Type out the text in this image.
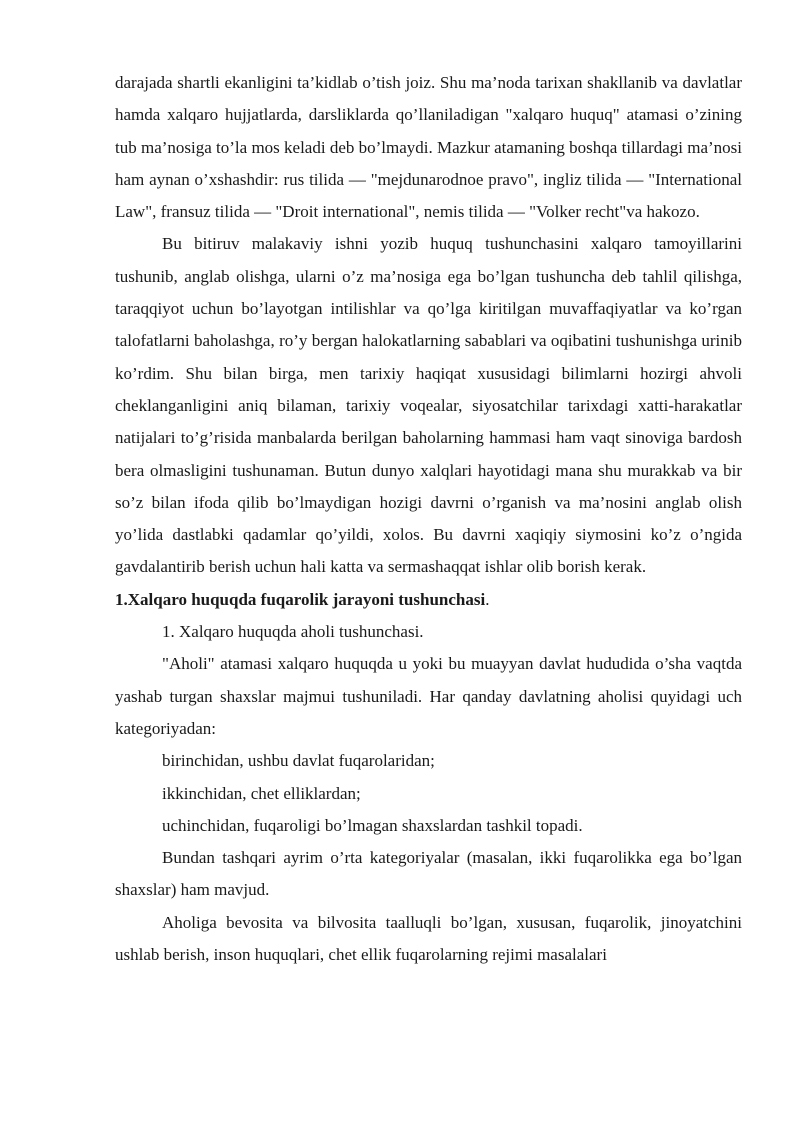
darajada shartli ekanligini ta’kidlab o’tish joiz. Shu ma’noda tarixan shakllanib va davlatlar hamda xalqaro hujjatlarda, darsliklarda qo’llaniladigan "xalqaro huquq" atamasi o’zining tub ma’nosiga to’la mos keladi deb bo’lmaydi. Mazkur atamaning boshqa tillardagi ma’nosi ham aynan o’xshashdir: rus tilida — "mejdunarodnoe pravo", ingliz tilida — "International Law", fransuz tilida — "Droit international", nemis tilida — "Volker recht"va hakozo.

Bu bitiruv malakaviy ishni yozib huquq tushunchasini xalqaro tamoyillarini tushunib, anglab olishga, ularni o’z ma’nosiga ega bo’lgan tushuncha deb tahlil qilishga, taraqqiyot uchun bo’layotgan intilishlar va qo’lga kiritilgan muvaffaqiyatlar va ko’rgan talofatlarni baholashga, ro’y bergan halokatlarning sabablari va oqibatini tushunishga urinib ko’rdim. Shu bilan birga, men tarixiy haqiqat xususidagi bilimlarni hozirgi ahvoli cheklanganligini aniq bilaman, tarixiy voqealar, siyosatchilar tarixdagi xatti-harakatlar natijalari to’g’risida manbalarda berilgan baholarning hammasi ham vaqt sinoviga bardosh bera olmasligini tushunaman. Butun dunyo xalqlari hayotidagi mana shu murakkab va bir so’z bilan ifoda qilib bo’lmaydigan hozigi davrni o’rganish va ma’nosini anglab olish yo’lida dastlabki qadamlar qo’yildi, xolos. Bu davrni xaqiqiy siymosini ko’z o’ngida gavdalantirib berish uchun hali katta va sermashaqqat ishlar olib borish kerak.

1.Xalqaro huquqda fuqarolik jarayoni tushunchasi.

1. Xalqaro huquqda aholi tushunchasi.

"Aholi" atamasi xalqaro huquqda u yoki bu muayyan davlat hududida o’sha vaqtda yashab turgan shaxslar majmui tushuniladi. Har qanday davlatning aholisi quyidagi uch kategoriyadan:

birinchidan, ushbu davlat fuqarolaridan;

ikkinchidan, chet elliklardan;

uchinchidan, fuqaroligi bo’lmagan shaxslardan tashkil topadi.

Bundan tashqari ayrim o’rta kategoriyalar (masalan, ikki fuqarolikka ega bo’lgan shaxslar) ham mavjud.

Aholiga bevosita va bilvosita taalluqli bo’lgan, xususan, fuqarolik, jinoyatchini ushlab berish, inson huquqlari, chet ellik fuqarolarning rejimi masalalari
